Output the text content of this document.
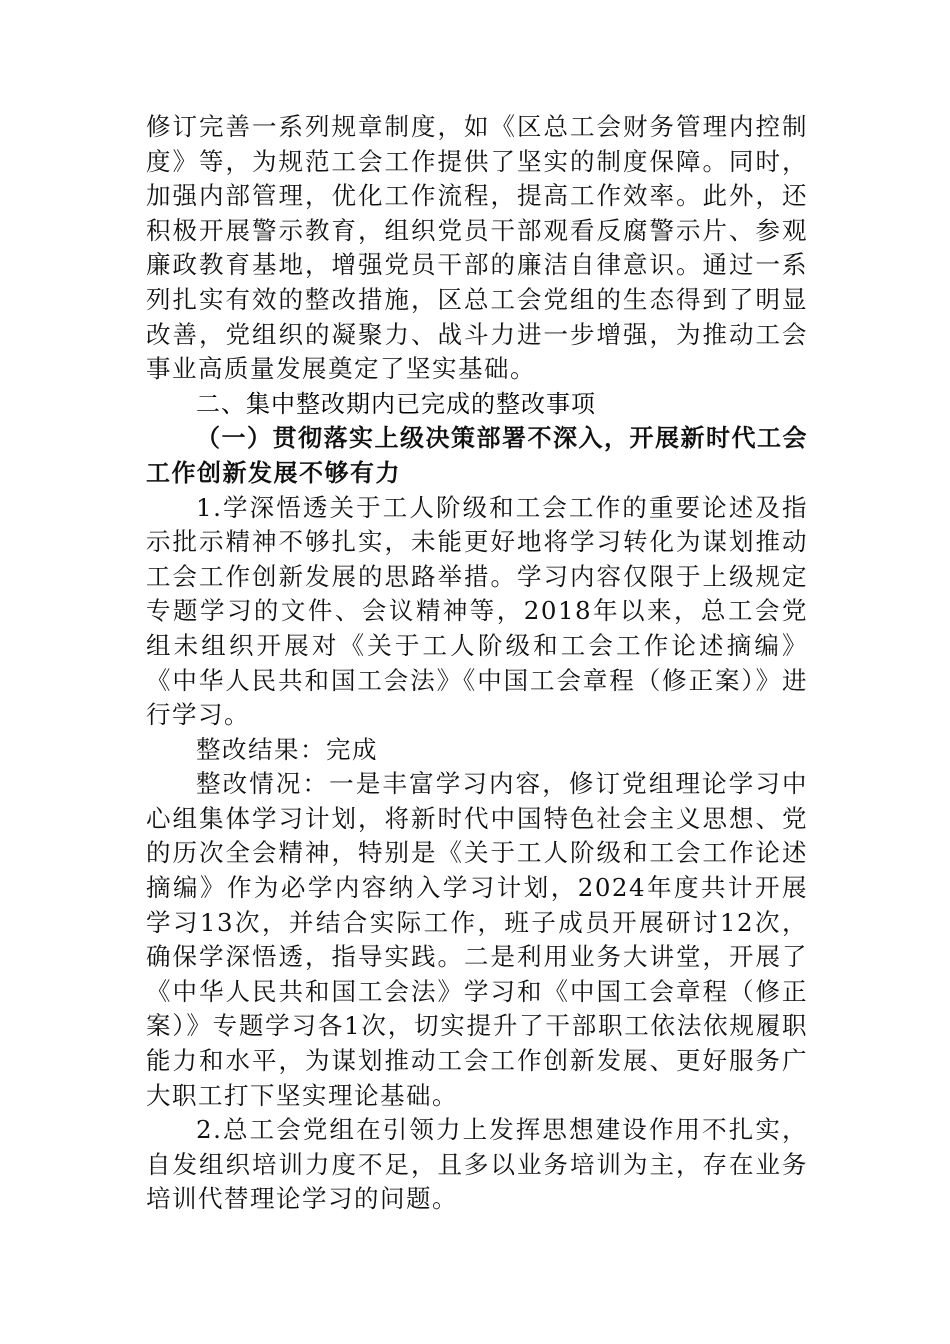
修订完善一系列规章制度，如《区总工会财务管理内控制度》等，为规范工会工作提供了坚实的制度保障。同时，加强内部管理，优化工作流程，提高工作效率。此外，还积极开展警示教育，组织党员干部观看反腐警示片、参观廉政教育基地，增强党员干部的廉洁自律意识。通过一系列扎实有效的整改措施，区总工会党组的生态得到了明显改善，党组织的凝聚力、战斗力进一步增强，为推动工会事业高质量发展奠定了坚实基础。

二、集中整改期内已完成的整改事项

（一）贯彻落实上级决策部署不深入，开展新时代工会工作创新发展不够有力

1.学深悟透关于工人阶级和工会工作的重要论述及指示批示精神不够扎实，未能更好地将学习转化为谋划推动工会工作创新发展的思路举措。学习内容仅限于上级规定专题学习的文件、会议精神等，2018年以来，总工会党组未组织开展对《关于工人阶级和工会工作论述摘编》《中华人民共和国工会法》《中国工会章程（修正案）》进行学习。

整改结果：完成

整改情况：一是丰富学习内容，修订党组理论学习中心组集体学习计划，将新时代中国特色社会主义思想、党的历次全会精神，特别是《关于工人阶级和工会工作论述摘编》作为必学内容纳入学习计划，2024年度共计开展学习13次，并结合实际工作，班子成员开展研讨12次，确保学深悟透，指导实践。二是利用业务大讲堂，开展了《中华人民共和国工会法》学习和《中国工会章程（修正案）》专题学习各1次，切实提升了干部职工依法依规履职能力和水平，为谋划推动工会工作创新发展、更好服务广大职工打下坚实理论基础。

2.总工会党组在引领力上发挥思想建设作用不扎实，自发组织培训力度不足，且多以业务培训为主，存在业务培训代替理论学习的问题。
